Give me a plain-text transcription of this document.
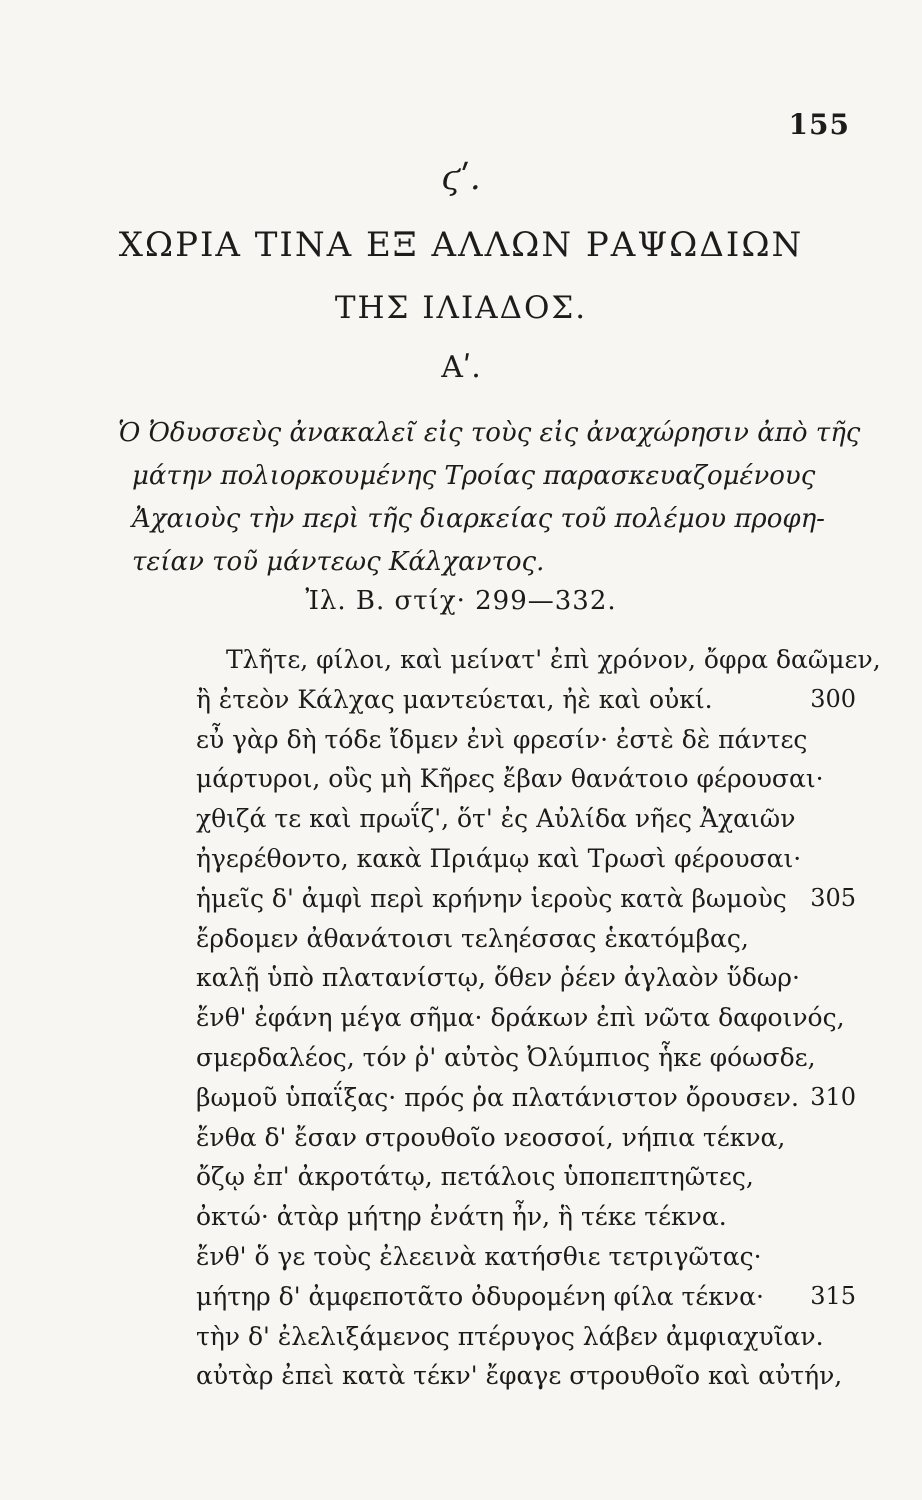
155
ϛʹ.
ΧΩΡΙΑ ΤΙΝΑ ΕΞ ΑΛΛΩΝ ΡΑΨΩΔΙΩΝ
ΤΗΣ ΙΛΙΑΔΟΣ.
Αʹ.
Ὁ Ὀδυσσεὺς ἀνακαλεῖ εἰς τοὺς εἰς ἀναχώρησιν ἀπὸ τῆς
μάτην πολιορκουμένης Τροίας παρασκευαζομένους
Ἀχαιοὺς τὴν περὶ τῆς διαρκείας τοῦ πολέμου προφη-
τείαν τοῦ μάντεως Κάλχαντος.
Ἰλ. Β. στίχ· 299—332.
Τλῆτε, φίλοι, καὶ μείνατ' ἐπὶ χρόνον, ὄφρα δαῶμεν,
ἢ ἐτεὸν Κάλχας μαντεύεται, ἠὲ καὶ οὐκί.	300
εὖ γὰρ δὴ τόδε ἴδμεν ἐνὶ φρεσίν· ἐστὲ δὲ πάντες
μάρτυροι, οὓς μὴ Κῆρες ἔβαν θανάτοιο φέρουσαι·
χθιζά τε καὶ πρωΐζ', ὅτ' ἐς Αὐλίδα νῆες Ἀχαιῶν
ἠγερέθοντο, κακὰ Πριάμῳ καὶ Τρωσὶ φέρουσαι·
ἡμεῖς δ' ἀμφὶ περὶ κρήνην ἱεροὺς κατὰ βωμοὺς 305
ἔρδομεν ἀθανάτοισι τεληέσσας ἑκατόμβας,
καλῇ ὑπὸ πλατανίστῳ, ὅθεν ῥέεν ἀγλαὸν ὕδωρ·
ἔνθ' ἐφάνη μέγα σῆμα· δράκων ἐπὶ νῶτα δαφοινός,
σμερδαλέος, τόν ῥ' αὐτὸς Ὀλύμπιος ἧκε φόωσδε,
βωμοῦ ὑπαΐξας· πρός ῥα πλατάνιστον ὄρουσεν. 310
ἔνθα δ' ἔσαν στρουθοῖο νεοσσοί, νήπια τέκνα,
ὄζῳ ἐπ' ἀκροτάτῳ, πετάλοις ὑποπεπτηῶτες,
ὀκτώ· ἀτὰρ μήτηρ ἐνάτη ἦν, ἣ τέκε τέκνα.
ἔνθ' ὅ γε τοὺς ἐλεεινὰ κατήσθιε τετριγῶτας·
μήτηρ δ' ἀμφεποτᾶτο ὀδυρομένη φίλα τέκνα· 315
τὴν δ' ἐλελιξάμενος πτέρυγος λάβεν ἀμφιαχυῖαν.
αὐτὰρ ἐπεὶ κατὰ τέκν' ἔφαγε στρουθοῖο καὶ αὐτήν,
